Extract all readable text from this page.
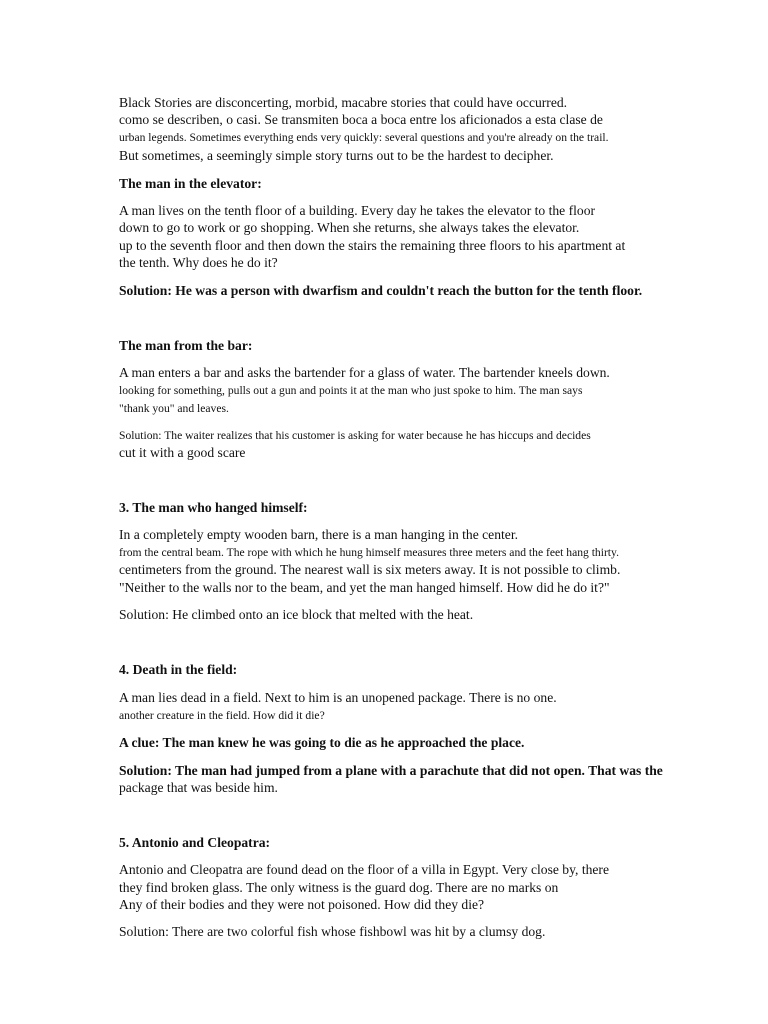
Black Stories are disconcerting, morbid, macabre stories that could have occurred.
como se describen, o casi. Se transmiten boca a boca entre los aficionados a esta clase de
urban legends. Sometimes everything ends very quickly: several questions and you're already on the trail.
But sometimes, a seemingly simple story turns out to be the hardest to decipher.
The man in the elevator:
A man lives on the tenth floor of a building. Every day he takes the elevator to the floor
down to go to work or go shopping. When she returns, she always takes the elevator.
up to the seventh floor and then down the stairs the remaining three floors to his apartment at
the tenth. Why does he do it?
Solution: He was a person with dwarfism and couldn't reach the button for the tenth floor.
The man from the bar:
A man enters a bar and asks the bartender for a glass of water. The bartender kneels down.
looking for something, pulls out a gun and points it at the man who just spoke to him. The man says
"thank you" and leaves.
Solution: The waiter realizes that his customer is asking for water because he has hiccups and decides
cut it with a good scare
3. The man who hanged himself:
In a completely empty wooden barn, there is a man hanging in the center.
from the central beam. The rope with which he hung himself measures three meters and the feet hang thirty.
centimeters from the ground. The nearest wall is six meters away. It is not possible to climb.
"Neither to the walls nor to the beam, and yet the man hanged himself. How did he do it?"
Solution: He climbed onto an ice block that melted with the heat.
4. Death in the field:
A man lies dead in a field. Next to him is an unopened package. There is no one.
another creature in the field. How did it die?
A clue: The man knew he was going to die as he approached the place.
Solution: The man had jumped from a plane with a parachute that did not open. That was the
package that was beside him.
5. Antonio and Cleopatra:
Antonio and Cleopatra are found dead on the floor of a villa in Egypt. Very close by, there
they find broken glass. The only witness is the guard dog. There are no marks on
Any of their bodies and they were not poisoned. How did they die?
Solution: There are two colorful fish whose fishbowl was hit by a clumsy dog.
